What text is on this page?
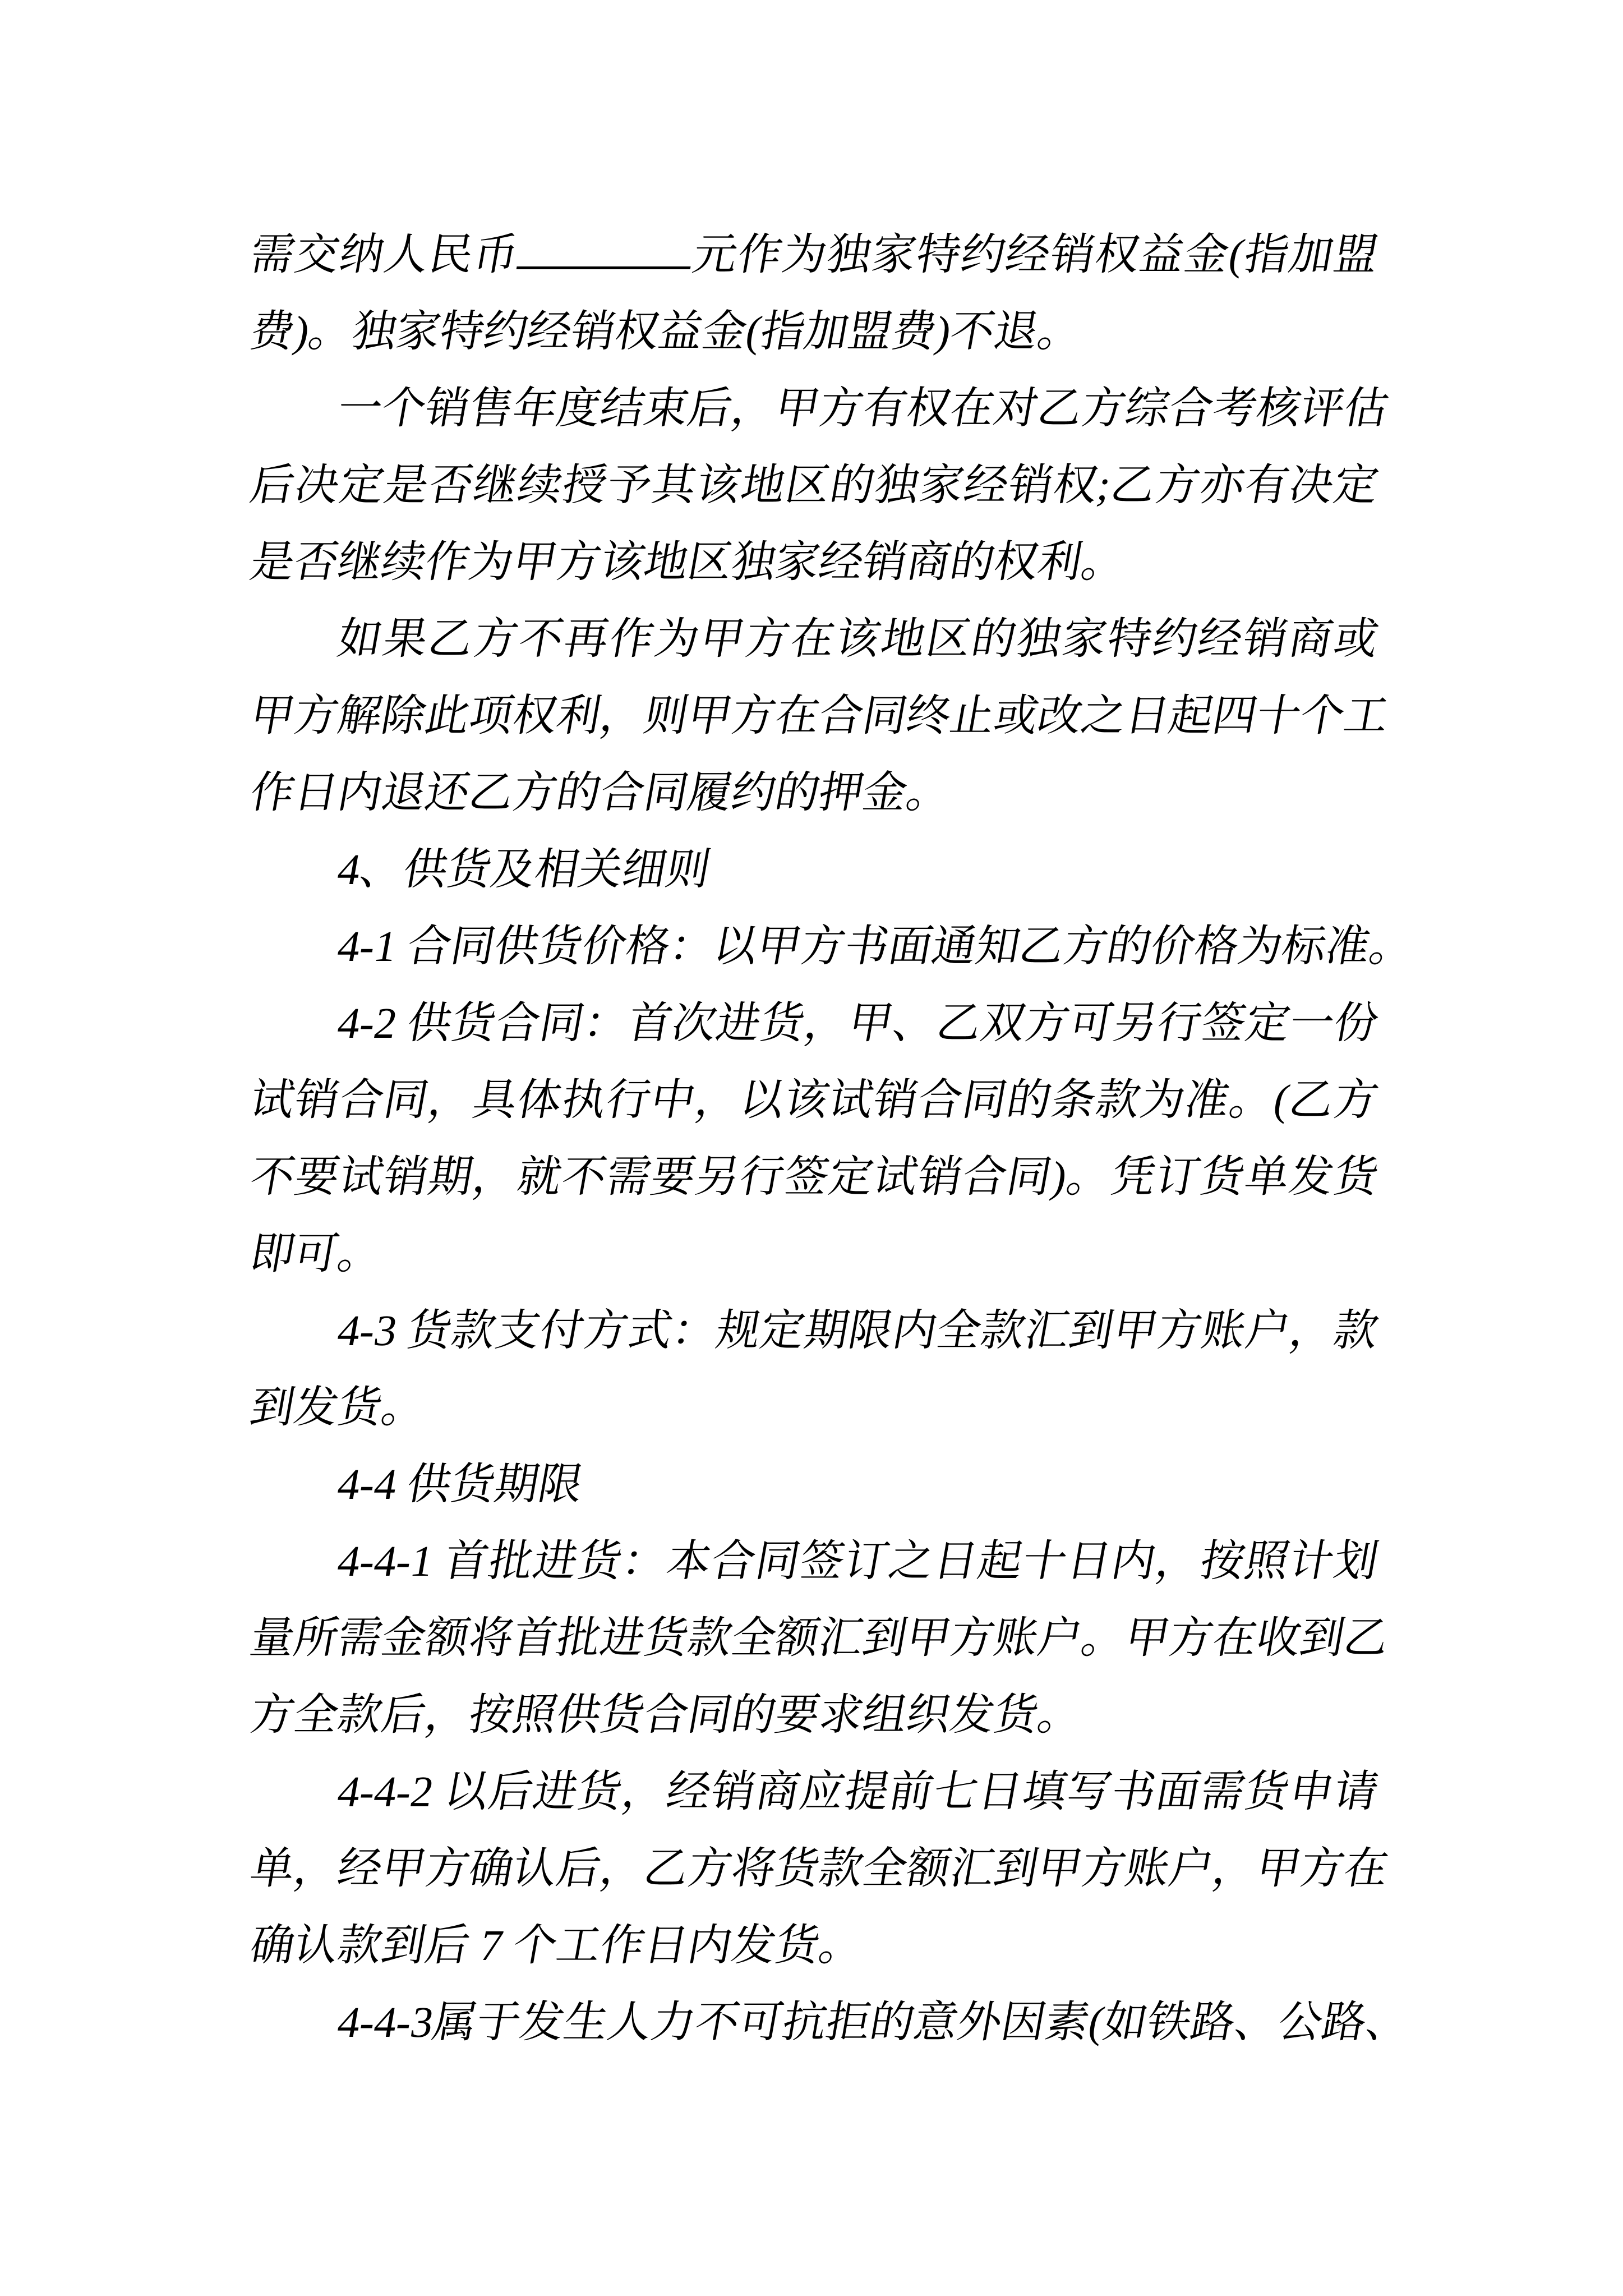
需交纳人民币	元作为独家特约经销权益金(指加盟
费)。独家特约经销权益金(指加盟费)不退。
一个销售年度结束后，甲方有权在对乙方综合考核评估
后决定是否继续授予其该地区的独家经销权;乙方亦有决定
是否继续作为甲方该地区独家经销商的权利。
如果乙方不再作为甲方在该地区的独家特约经销商或
甲方解除此项权利，则甲方在合同终止或改之日起四十个工
作日内退还乙方的合同履约的押金。
4、供货及相关细则
4-1 合同供货价格：以甲方书面通知乙方的价格为标准。
4-2 供货合同：首次进货，甲、乙双方可另行签定一份
试销合同，具体执行中，以该试销合同的条款为准。(乙方
不要试销期，就不需要另行签定试销合同)。凭订货单发货
即可。
4-3 货款支付方式：规定期限内全款汇到甲方账户，款
到发货。
4-4 供货期限
4-4-1 首批进货：本合同签订之日起十日内，按照计划
量所需金额将首批进货款全额汇到甲方账户。甲方在收到乙
方全款后，按照供货合同的要求组织发货。
4-4-2 以后进货，经销商应提前七日填写书面需货申请
单，经甲方确认后，乙方将货款全额汇到甲方账户，甲方在
确认款到后 7 个工作日内发货。
4-4-3属于发生人力不可抗拒的意外因素(如铁路、公路、
